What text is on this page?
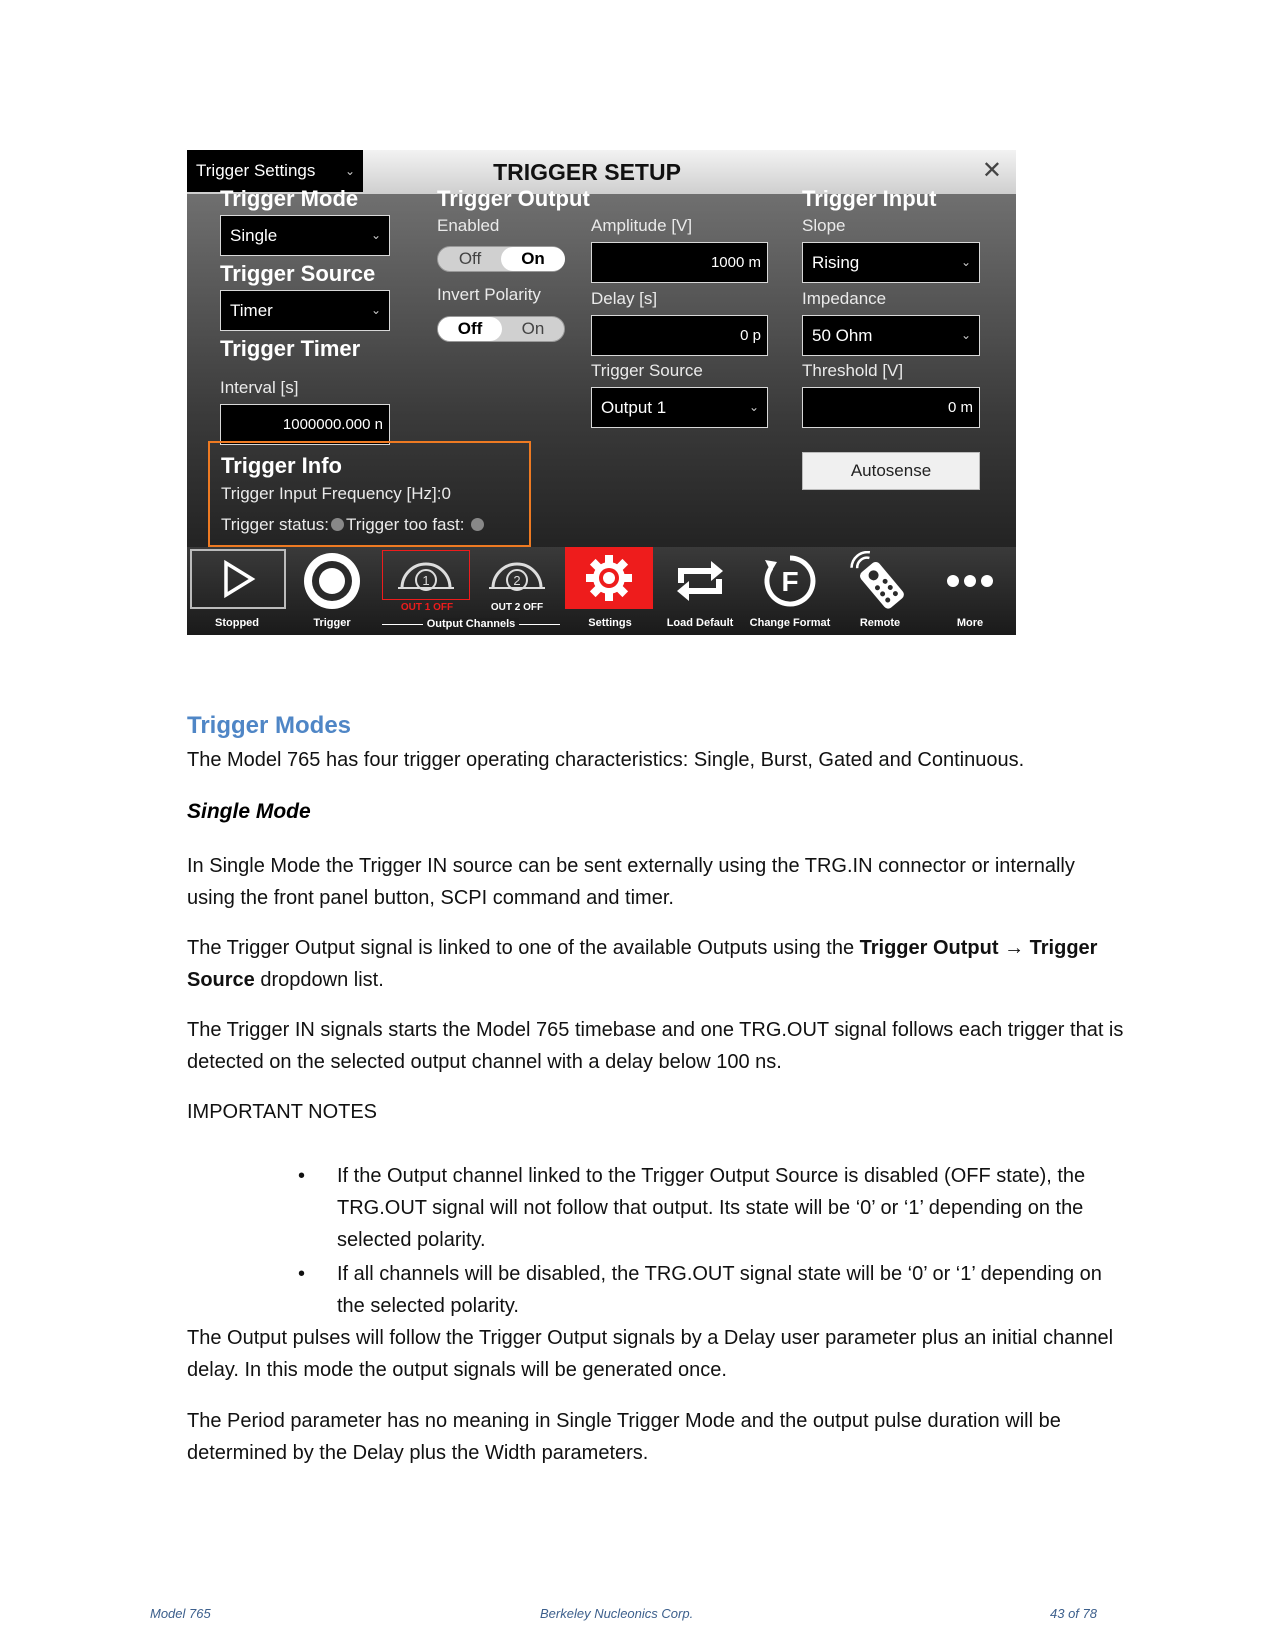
Trigger Settings ⌄	TRIGGER SETUP	✕
Trigger Mode
Single	⌄
Trigger Source
Timer	⌄
Trigger Timer
Interval [s]
1000000.000 n
Trigger Info
Trigger Input Frequency [Hz]:0
Trigger status: Trigger too fast:
Trigger Output
Enabled
Off	On
Invert Polarity
Off	On
Amplitude [V]
1000 m
Delay [s]
0 p
Trigger Source
Output 1	⌄
Trigger Input
Slope
Rising	⌄
Impedance
50 Ohm	⌄
Threshold [V]
0 m
Autosense
Stopped	Trigger
1
OUT 1 OFF
2
OUT 2 OFF
Output Channels	Settings	Load Default
F
Change Format	Remote	More
Trigger Modes
The Model 765 has four trigger operating characteristics: Single, Burst, Gated and Continuous.
Single Mode
In Single Mode the Trigger IN source can be sent externally using the TRG.IN connector or internally using the front panel button, SCPI command and timer.
The Trigger Output signal is linked to one of the available Outputs using the Trigger Output → Trigger Source dropdown list.
The Trigger IN signals starts the Model 765 timebase and one TRG.OUT signal follows each trigger that is detected on the selected output channel with a delay below 100 ns.
IMPORTANT NOTES
• If the Output channel linked to the Trigger Output Source is disabled (OFF state), the TRG.OUT signal will not follow that output. Its state will be ‘0’ or ‘1’ depending on the selected polarity.
• If all channels will be disabled, the TRG.OUT signal state will be ‘0’ or ‘1’ depending on the selected polarity.
The Output pulses will follow the Trigger Output signals by a Delay user parameter plus an initial channel delay. In this mode the output signals will be generated once.
The Period parameter has no meaning in Single Trigger Mode and the output pulse duration will be determined by the Delay plus the Width parameters.
Model 765	Berkeley Nucleonics Corp.	43 of 78
